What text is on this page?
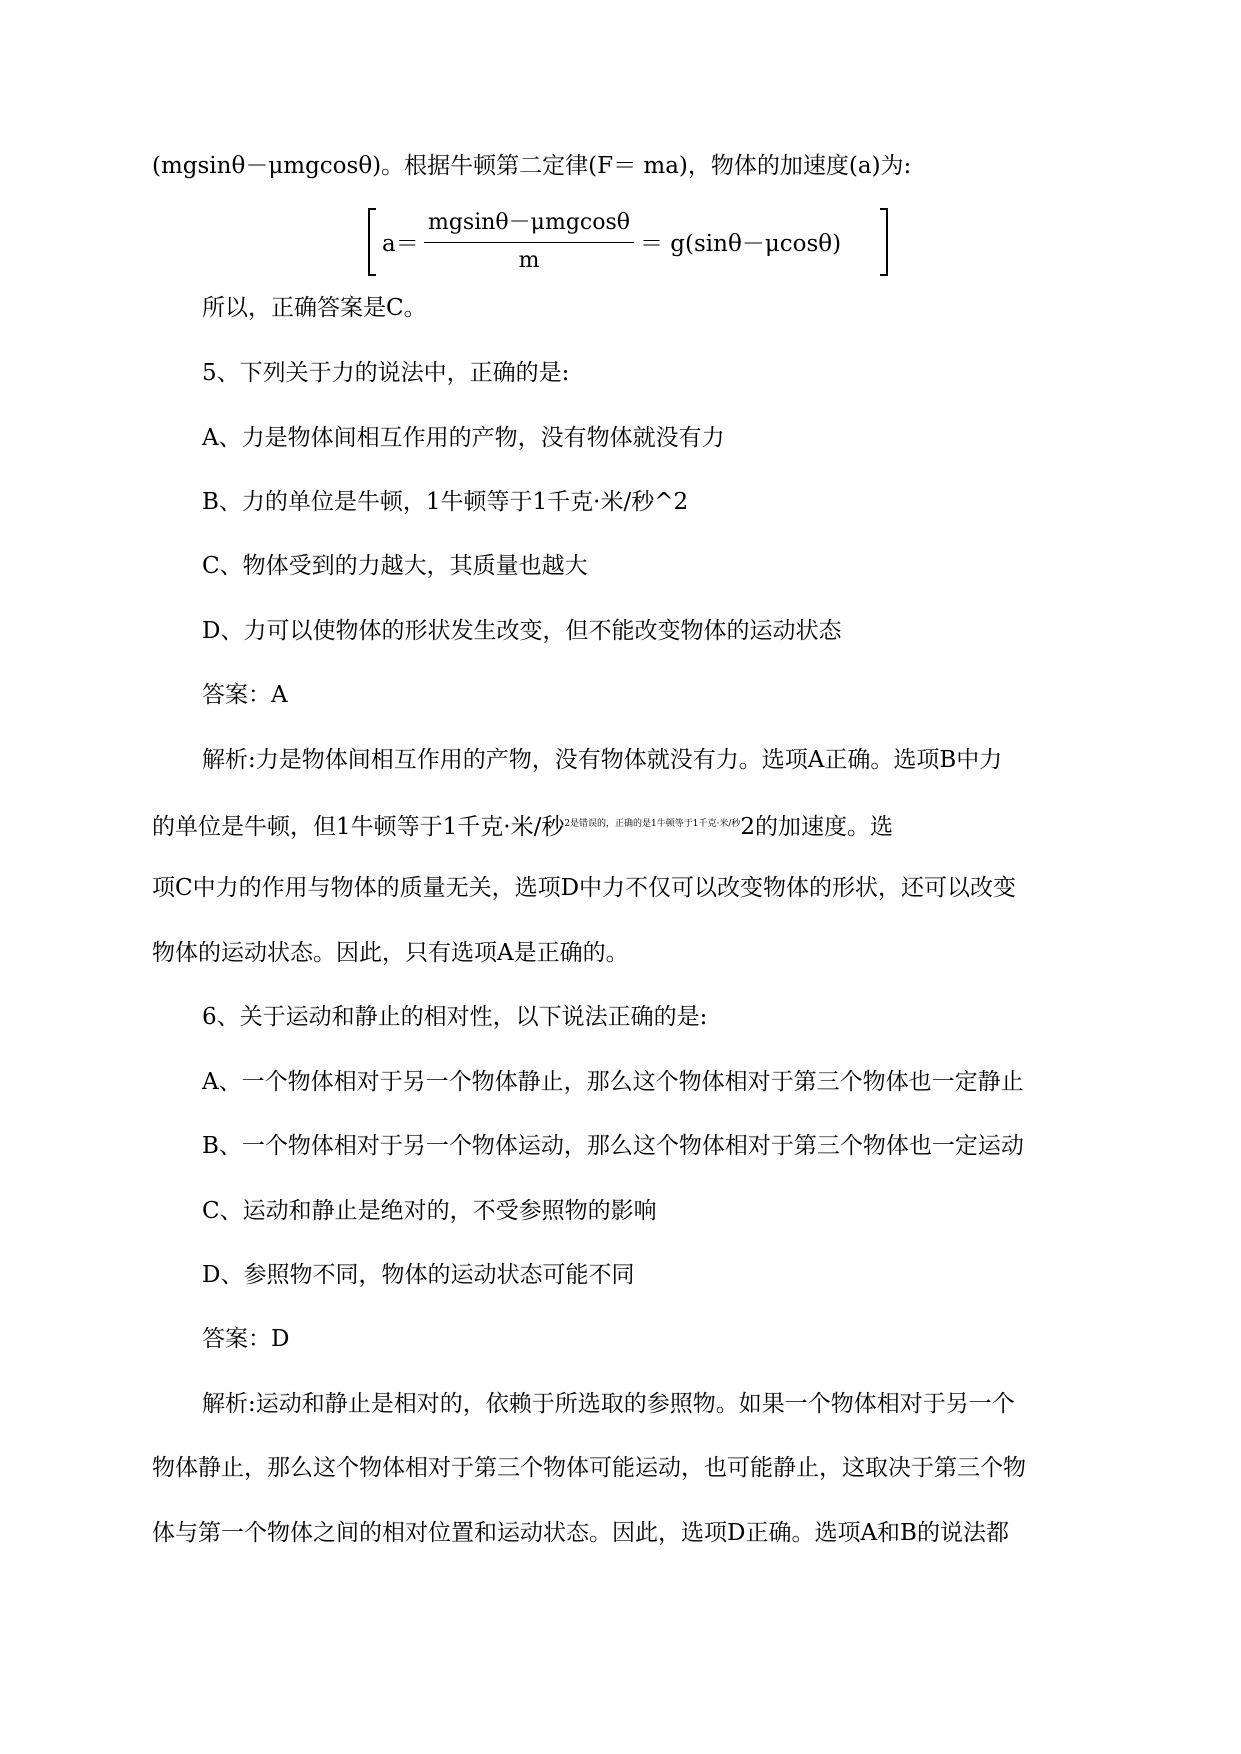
(mgsinθ－μmgcosθ)。根据牛顿第二定律(F＝ ma)，物体的加速度(a)为:
a＝
mgsinθ－μmgcosθ
m
＝ g(sinθ－μcosθ)
所以，正确答案是C。
5、下列关于力的说法中，正确的是:
A、力是物体间相互作用的产物，没有物体就没有力
B、力的单位是牛顿，1牛顿等于1千克·米/秒^2
C、物体受到的力越大，其质量也越大
D、力可以使物体的形状发生改变，但不能改变物体的运动状态
答案：A
解析:力是物体间相互作用的产物，没有物体就没有力。选项A正确。选项B中力
的单位是牛顿，但1牛顿等于1千克·米/秒$^{2是错误的,正确的是1牛顿等于1千克\cdot 米/秒}$2的加速度。选
项C中力的作用与物体的质量无关，选项D中力不仅可以改变物体的形状，还可以改变
物体的运动状态。因此，只有选项A是正确的。
6、关于运动和静止的相对性，以下说法正确的是:
A、一个物体相对于另一个物体静止，那么这个物体相对于第三个物体也一定静止
B、一个物体相对于另一个物体运动，那么这个物体相对于第三个物体也一定运动
C、运动和静止是绝对的，不受参照物的影响
D、参照物不同，物体的运动状态可能不同
答案：D
解析:运动和静止是相对的，依赖于所选取的参照物。如果一个物体相对于另一个
物体静止，那么这个物体相对于第三个物体可能运动，也可能静止，这取决于第三个物
体与第一个物体之间的相对位置和运动状态。因此，选项D正确。选项A和B的说法都
